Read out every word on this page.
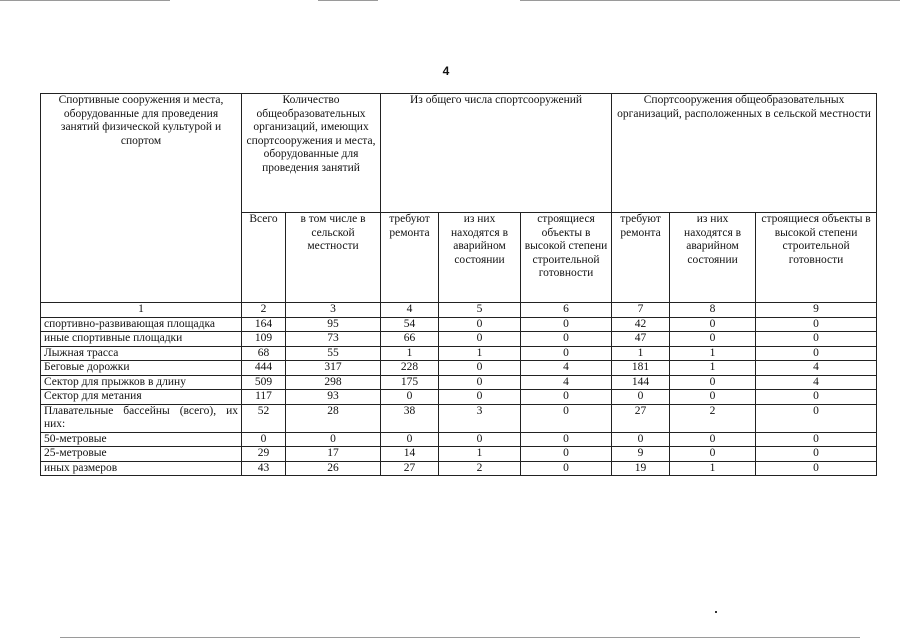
4
Спортивные сооружения и места, оборудованные для проведения занятий физической культурой и спортом	Количество общеобразовательных организаций, имеющих спортсооружения и места, оборудованные для проведения занятий		Из общего числа спортсооружений			Спортсооружения общеобразовательных организаций, расположенных в сельской местности		
	Всего	в том числе в сельской местности	требуют ремонта	из них находятся в аварийном состоянии	строящиеся объекты в высокой степени строительной готовности	требуют ремонта	из них находятся в аварийном состоянии	строящиеся объекты в высокой степени строительной готовности
1	2	3	4	5	6	7	8	9
спортивно-развивающая площадка	164	95	54	0	0	42	0	0
иные спортивные площадки	109	73	66	0	0	47	0	0
Лыжная трасса	68	55	1	1	0	1	1	0
Беговые дорожки	444	317	228	0	4	181	1	4
Сектор для прыжков в длину	509	298	175	0	4	144	0	4
Сектор для метания	117	93	0	0	0	0	0	0
Плавательные бассейны (всего), их них:	52	28	38	3	0	27	2	0
50-метровые	0	0	0	0	0	0	0	0
25-метровые	29	17	14	1	0	9	0	0
иных размеров	43	26	27	2	0	19	1	0
